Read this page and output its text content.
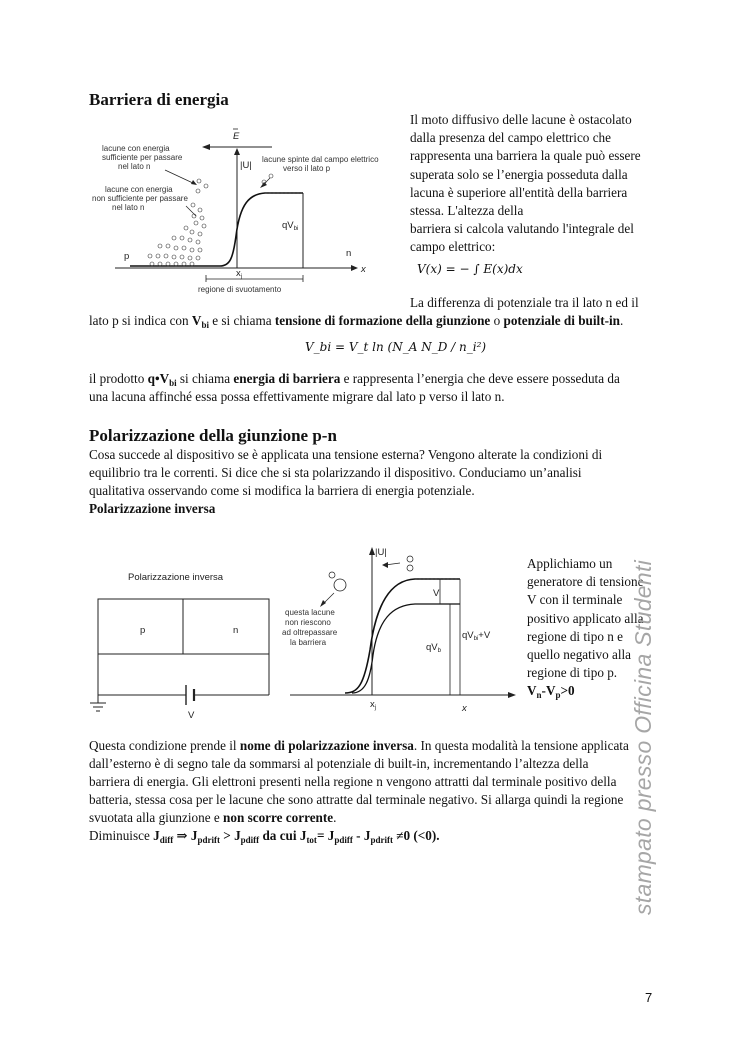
Barriera di energia
E
|U|
$qV_{bi}$
n
p
x
$x_j$
regione di svuotamento
lacune con energia
sufficiente per passare
nel lato n
lacune con energia
non sufficiente per passare
nel lato n
lacune spinte dal campo elettrico
verso il lato p
Il moto diffusivo delle lacune è ostacolato
dalla presenza del campo elettrico che
rappresenta una barriera la quale può essere
superata solo se l’energia posseduta dalla
lacuna è superiore all'entità della barriera
stessa. L'altezza della
barriera si calcola valutando l'integrale del
campo elettrico:
V(x) = − ∫ E(x)dx
La differenza di potenziale tra il lato n ed il
lato p si indica con $V_{bi}$ e si chiama tensione di formazione della giunzione o potenziale di built-in.
V_bi = V_t ln (N_A N_D / n_i²)
il prodotto $q•V_{bi}$ si chiama energia di barriera e rappresenta l’energia che deve essere posseduta da
una lacuna affinché essa possa effettivamente migrare dal lato p verso il lato n.
Polarizzazione della giunzione p-n
Cosa succede al dispositivo se è applicata una tensione esterna? Vengono alterate la condizioni di
equilibrio tra le correnti. Si dice che si sta polarizzando il dispositivo. Conduciamo un’analisi
qualitativa osservando come si modifica la barriera di energia potenziale.
Polarizzazione inversa
Polarizzazione inversa
p	n
V
|U|
V
$qV_b$
$qV_{bi}+V$
$x_j$	x
questa lacune
non riescono
ad oltrepassare
la barriera
Applichiamo un
generatore di tensione
V con il terminale
positivo applicato alla
regione di tipo n e
quello negativo alla
regione di tipo p.
$V_n-V_p>0$
Questa condizione prende il nome di polarizzazione inversa. In questa modalità la tensione applicata
dall’esterno è di segno tale da sommarsi al potenziale di built-in, incrementando l’altezza della
barriera di energia. Gli elettroni presenti nella regione n vengono attratti dal terminale positivo della
batteria, stessa cosa per le lacune che sono attratte dal terminale negativo. Si allarga quindi la regione
svuotata alla giunzione e non scorre corrente.
Diminuisce $J_{diff}$ ⇒ $J_{pdrift} > J_{pdiff}$ da cui $J_{tot}= J_{pdiff} - J_{pdrift} \ne 0$ (<0).	stampato presso Officina Studenti
7
